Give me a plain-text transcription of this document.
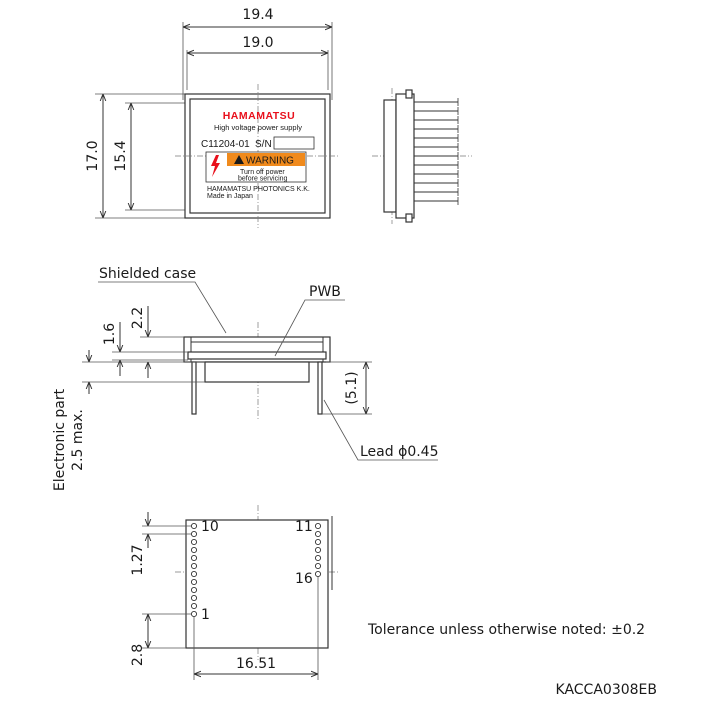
19.4
19.0
17.0 15.4
HAMAMATSU
High voltage power supply
C11204-01 S/N
WARNING
Turn off power
before servicing
HAMAMATSU PHOTONICS K.K.
Made in Japan
Shielded case
PWB
2.2
1.6
Electronic part 2.5 max.
(5.1)
Lead ϕ0.45
10	11
16
1
1.27
2.8	16.51
Tolerance unless otherwise noted: ±0.2
KACCA0308EB
